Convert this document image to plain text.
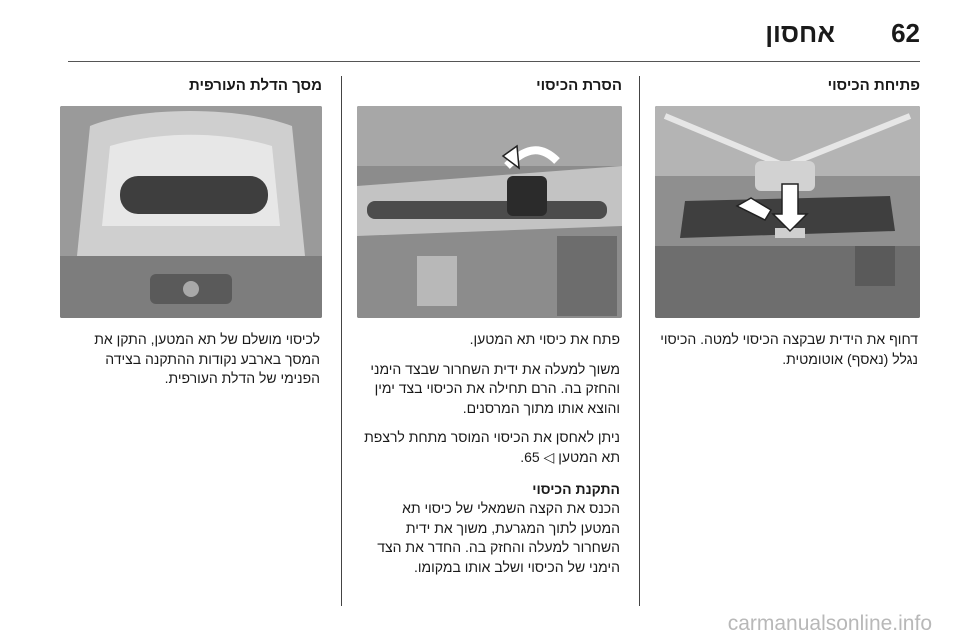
62
אחסון
פתיחת הכיסוי

דחוף את הידית שבקצה הכיסוי למטה. הכיסוי נגלל (נאסף) אוטומטית.

הסרת הכיסוי

פתח את כיסוי תא המטען.

משוך למעלה את ידית השחרור שבצד הימני והחזק בה. הרם תחילה את הכיסוי בצד ימין והוצא אותו מתוך המרסנים.

ניתן לאחסן את הכיסוי המוסר מתחת לרצפת תא המטען ◁ 65.

התקנת הכיסוי

הכנס את הקצה השמאלי של כיסוי תא המטען לתוך המגרעת, משוך את ידית השחרור למעלה והחזק בה. החדר את הצד הימני של הכיסוי ושלב אותו במקומו.

מסך הדלת העורפית

לכיסוי מושלם של תא המטען, התקן את המסך בארבע נקודות ההתקנה בצידה הפנימי של הדלת העורפית.

carmanualsonline.info
